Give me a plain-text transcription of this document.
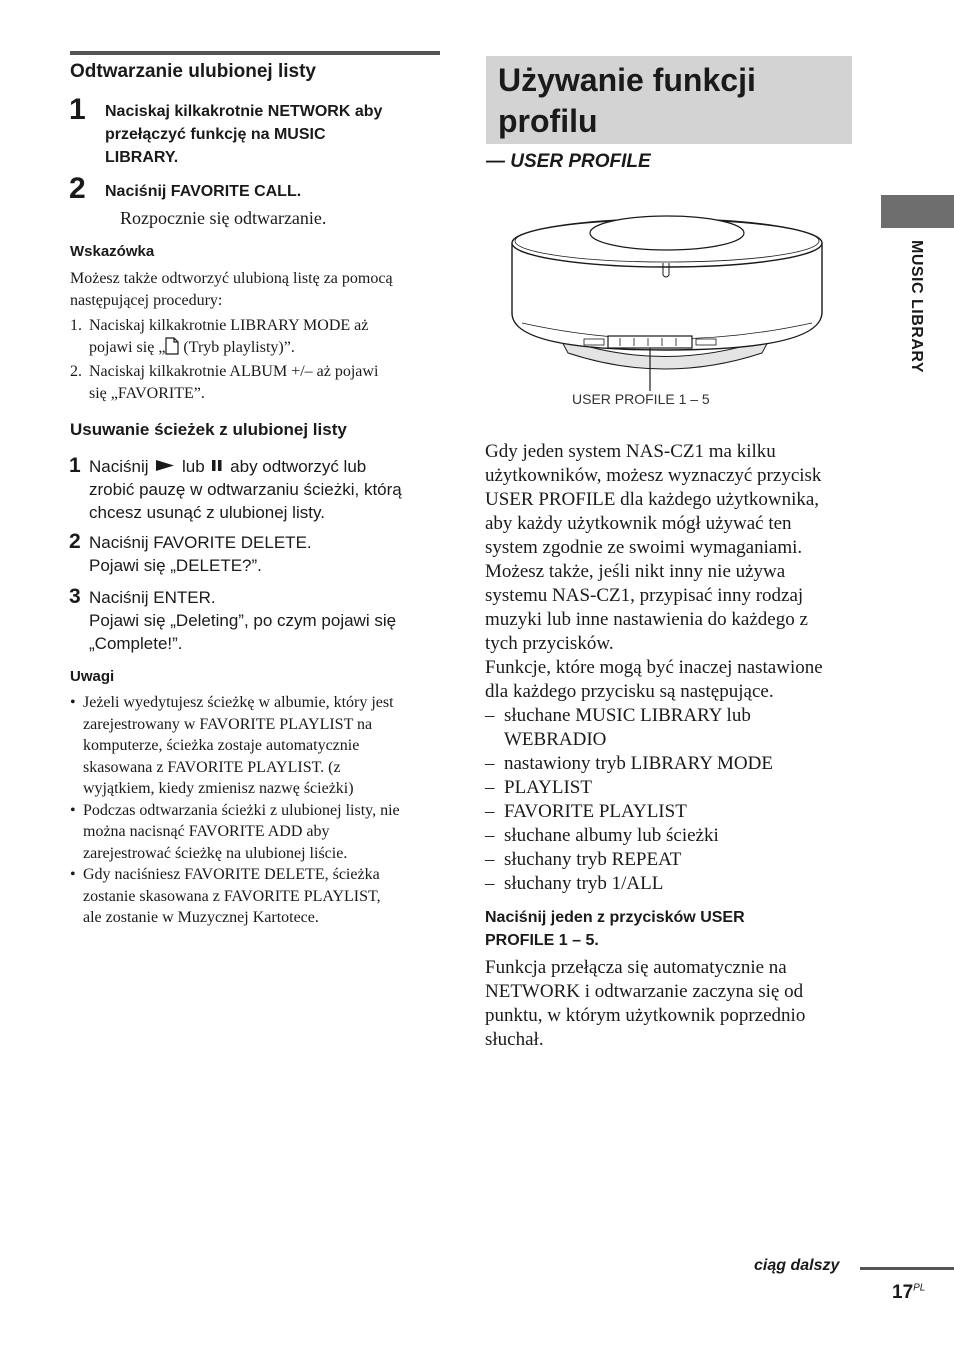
Odtwarzanie ulubionej listy
1 Naciskaj kilkakrotnie NETWORK aby
przełączyć funkcję na MUSIC
LIBRARY.
2 Naciśnij FAVORITE CALL.
Rozpocznie się odtwarzanie.
Wskazówka
Możesz także odtworzyć ulubioną listę za pomocą
następującej procedury:
1. Naciskaj kilkakrotnie LIBRARY MODE aż
pojawi się „ (Tryb playlisty)”.
2. Naciskaj kilkakrotnie ALBUM +/– aż pojawi
się „FAVORITE”.
Usuwanie ścieżek z ulubionej listy
1 Naciśnij lub aby odtworzyć lub
zrobić pauzę w odtwarzaniu ścieżki, którą
chcesz usunąć z ulubionej listy.
2 Naciśnij FAVORITE DELETE.
Pojawi się „DELETE?”.
3 Naciśnij ENTER.
Pojawi się „Deleting”, po czym pojawi się
„Complete!”.
Uwagi
• Jeżeli wyedytujesz ścieżkę w albumie, który jest
zarejestrowany w FAVORITE PLAYLIST na
komputerze, ścieżka zostaje automatycznie
skasowana z FAVORITE PLAYLIST. (z
wyjątkiem, kiedy zmienisz nazwę ścieżki)
• Podczas odtwarzania ścieżki z ulubionej listy, nie
można nacisnąć FAVORITE ADD aby
zarejestrować ścieżkę na ulubionej liście.
• Gdy naciśniesz FAVORITE DELETE, ścieżka
zostanie skasowana z FAVORITE PLAYLIST,
ale zostanie w Muzycznej Kartotece.
Używanie funkcji
profilu
— USER PROFILE
USER PROFILE 1 – 5
Gdy jeden system NAS-CZ1 ma kilku
użytkowników, możesz wyznaczyć przycisk
USER PROFILE dla każdego użytkownika,
aby każdy użytkownik mógł używać ten
system zgodnie ze swoimi wymaganiami.
Możesz także, jeśli nikt inny nie używa
systemu NAS-CZ1, przypisać inny rodzaj
muzyki lub inne nastawienia do każdego z
tych przycisków.
Funkcje, które mogą być inaczej nastawione
dla każdego przycisku są następujące.
– słuchane MUSIC LIBRARY lub
WEBRADIO
– nastawiony tryb LIBRARY MODE
– PLAYLIST
– FAVORITE PLAYLIST
– słuchane albumy lub ścieżki
– słuchany tryb REPEAT
– słuchany tryb 1/ALL
Naciśnij jeden z przycisków USER
PROFILE 1 – 5.
Funkcja przełącza się automatycznie na
NETWORK i odtwarzanie zaczyna się od
punktu, w którym użytkownik poprzednio
słuchał.
MUSIC LIBRARY
ciąg dalszy
$17^{PL}$
